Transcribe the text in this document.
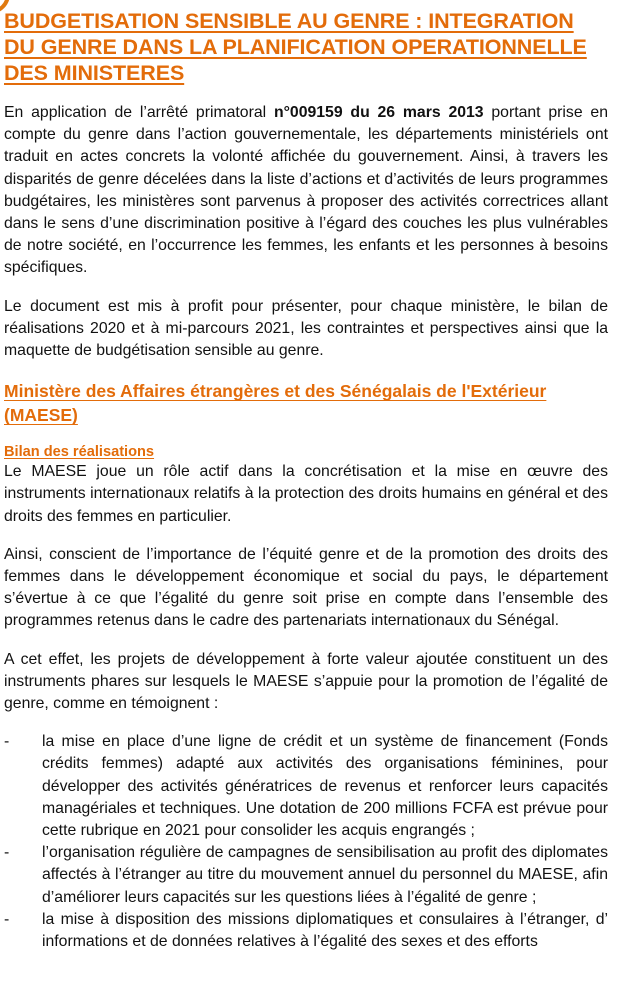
BUDGETISATION SENSIBLE AU GENRE : INTEGRATION DU GENRE DANS LA PLANIFICATION OPERATIONNELLE DES MINISTERES

En application de l’arrêté primatoral n°009159 du 26 mars 2013 portant prise en compte du genre dans l’action gouvernementale, les départements ministériels ont traduit en actes concrets la volonté affichée du gouvernement. Ainsi, à travers les disparités de genre décelées dans la liste d’actions et d’activités de leurs programmes budgétaires, les ministères sont parvenus à proposer des activités correctrices allant dans le sens d’une discrimination positive à l’égard des couches les plus vulnérables de notre société, en l’occurrence les femmes, les enfants et les personnes à besoins spécifiques.

Le document est mis à profit pour présenter, pour chaque ministère, le bilan de réalisations 2020 et à mi-parcours 2021, les contraintes et perspectives ainsi que la maquette de budgétisation sensible au genre.

Ministère des Affaires étrangères et des Sénégalais de l'Extérieur (MAESE)
Bilan des réalisations

Le MAESE joue un rôle actif dans la concrétisation et la mise en œuvre des instruments internationaux relatifs à la protection des droits humains en général et des droits des femmes en particulier.

Ainsi, conscient de l’importance de l’équité genre et de la promotion des droits des femmes dans le développement économique et social du pays, le département s’évertue à ce que l’égalité du genre soit prise en compte dans l’ensemble des programmes retenus dans le cadre des partenariats internationaux du Sénégal.

A cet effet, les projets de développement à forte valeur ajoutée constituent un des instruments phares sur lesquels le MAESE s’appuie pour la promotion de l’égalité de genre, comme en témoignent :

- la mise en place d’une ligne de crédit et un système de financement (Fonds crédits femmes) adapté aux activités des organisations féminines, pour développer des activités génératrices de revenus et renforcer leurs capacités managériales et techniques. Une dotation de 200 millions FCFA est prévue pour cette rubrique en 2021 pour consolider les acquis engrangés ;
- l’organisation régulière de campagnes de sensibilisation au profit des diplomates affectés à l’étranger au titre du mouvement annuel du personnel du MAESE, afin d’améliorer leurs capacités sur les questions liées à l’égalité de genre ;
- la mise à disposition des missions diplomatiques et consulaires à l’étranger, d’ informations et de données relatives à l’égalité des sexes et des efforts
